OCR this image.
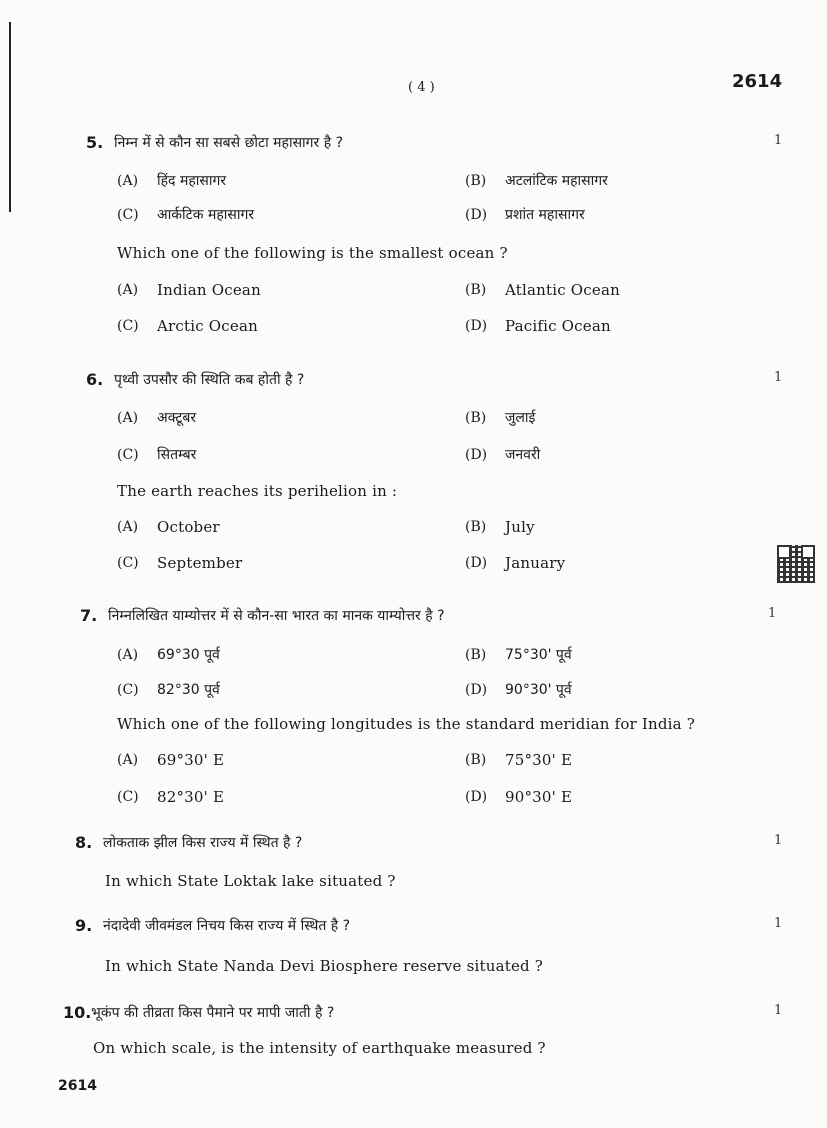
( 4 )	2614
2614
5. निम्न में से कौन सा सबसे छोटा महासागर है ?	1
(A) हिंद महासागर	(B) अटलांटिक महासागर
(C) आर्कटिक महासागर	(D) प्रशांत महासागर
Which one of the following is the smallest ocean ?
(A) Indian Ocean	(B) Atlantic Ocean
(C) Arctic Ocean	(D) Pacific Ocean
6. पृथ्वी उपसौर की स्थिति कब होती है ?	1
(A) अक्टूबर	(B) जुलाई
(C) सितम्बर	(D) जनवरी
The earth reaches its perihelion in :
(A) October	(B) July
(C) September	(D) January
7. निम्नलिखित याम्योत्तर में से कौन-सा भारत का मानक याम्योत्तर है ?	1
(A) 69°30 पूर्व	(B) 75°30' पूर्व
(C) 82°30 पूर्व	(D) 90°30' पूर्व
Which one of the following longitudes is the standard meridian for India ?
(A) 69°30' E	(B) 75°30' E
(C) 82°30' E	(D) 90°30' E
8. लोकताक झील किस राज्य में स्थित है ?	1
In which State Loktak lake situated ?
9. नंदादेवी जीवमंडल निचय किस राज्य में स्थित है ?	1
In which State Nanda Devi Biosphere reserve situated ?
10. भूकंप की तीव्रता किस पैमाने पर मापी जाती है ?	1
On which scale, is the intensity of earthquake measured ?
